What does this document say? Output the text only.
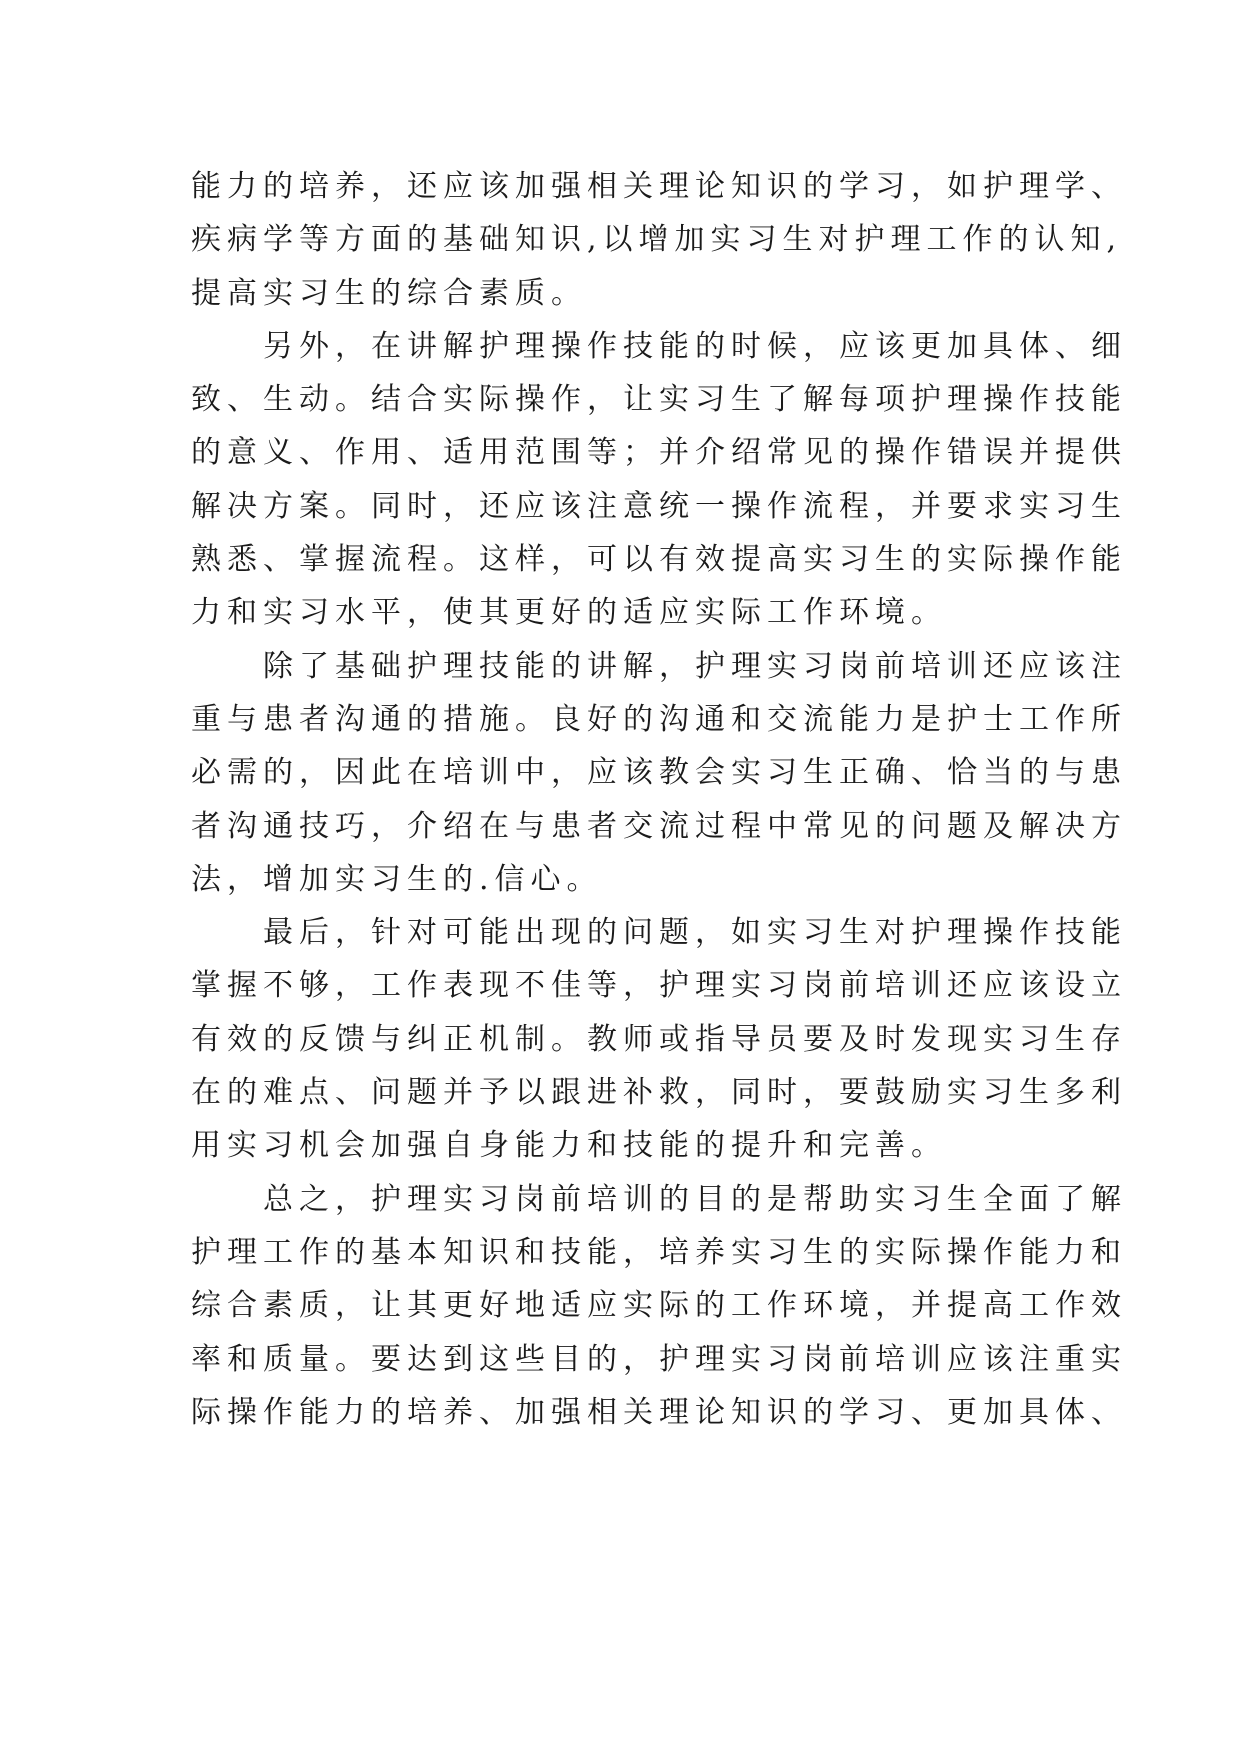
能力的培养，还应该加强相关理论知识的学习，如护理学、
疾病学等方面的基础知识,以增加实习生对护理工作的认知,
提高实习生的综合素质。
另外，在讲解护理操作技能的时候，应该更加具体、细
致、生动。结合实际操作，让实习生了解每项护理操作技能
的意义、作用、适用范围等；并介绍常见的操作错误并提供
解决方案。同时，还应该注意统一操作流程，并要求实习生
熟悉、掌握流程。这样，可以有效提高实习生的实际操作能
力和实习水平，使其更好的适应实际工作环境。
除了基础护理技能的讲解，护理实习岗前培训还应该注
重与患者沟通的措施。良好的沟通和交流能力是护士工作所
必需的，因此在培训中，应该教会实习生正确、恰当的与患
者沟通技巧，介绍在与患者交流过程中常见的问题及解决方
法，增加实习生的.信心。
最后，针对可能出现的问题，如实习生对护理操作技能
掌握不够，工作表现不佳等，护理实习岗前培训还应该设立
有效的反馈与纠正机制。教师或指导员要及时发现实习生存
在的难点、问题并予以跟进补救，同时，要鼓励实习生多利
用实习机会加强自身能力和技能的提升和完善。
总之，护理实习岗前培训的目的是帮助实习生全面了解
护理工作的基本知识和技能，培养实习生的实际操作能力和
综合素质，让其更好地适应实际的工作环境，并提高工作效
率和质量。要达到这些目的，护理实习岗前培训应该注重实
际操作能力的培养、加强相关理论知识的学习、更加具体、
